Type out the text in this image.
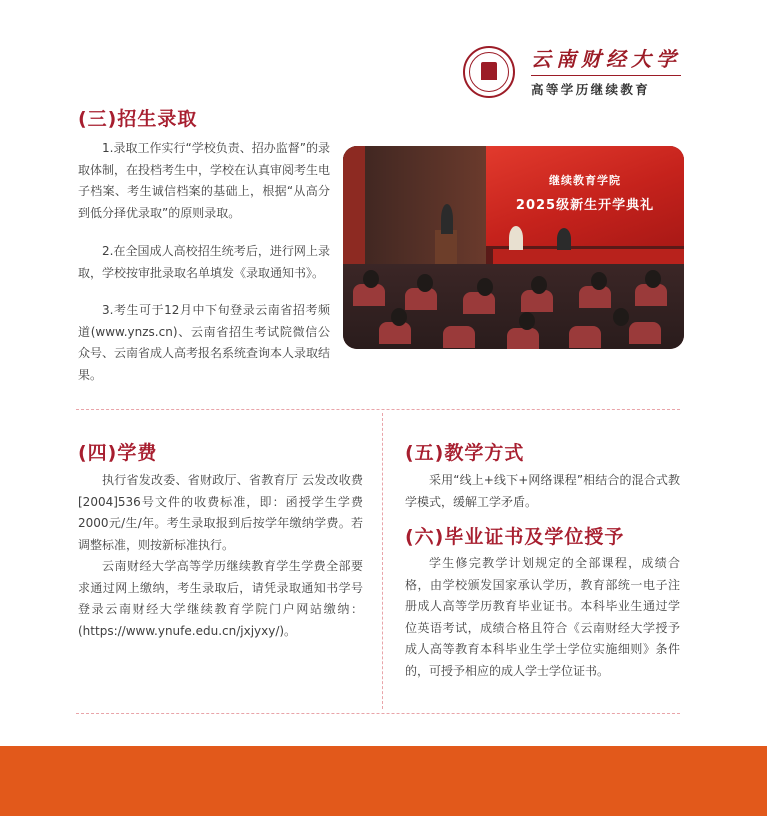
云南财经大学
高等学历继续教育
(三)招生录取
1.录取工作实行“学校负责、招办监督”的录取体制，在投档考生中，学校在认真审阅考生电子档案、考生诚信档案的基础上，根据“从高分到低分择优录取”的原则录取。
2.在全国成人高校招生统考后，进行网上录取，学校按审批录取名单填发《录取通知书》。
3.考生可于12月中下旬登录云南省招考频道(www.ynzs.cn)、云南省招生考试院微信公众号、云南省成人高考报名系统查询本人录取结果。
继续教育学院
2025级新生开学典礼
(四)学费
执行省发改委、省财政厅、省教育厅 云发改收费[2004]536号文件的收费标准，即：函授学生学费2000元/生/年。考生录取报到后按学年缴纳学费。若调整标准，则按新标准执行。
云南财经大学高等学历继续教育学生学费全部要求通过网上缴纳，考生录取后，请凭录取通知书学号登录云南财经大学继续教育学院门户网站缴纳：(https://www.ynufe.edu.cn/jxjyxy/)。
(五)教学方式
采用“线上+线下+网络课程”相结合的混合式教学模式，缓解工学矛盾。
(六)毕业证书及学位授予
学生修完教学计划规定的全部课程，成绩合格，由学校颁发国家承认学历，教育部统一电子注册成人高等学历教育毕业证书。本科毕业生通过学位英语考试，成绩合格且符合《云南财经大学授予成人高等教育本科毕业生学士学位实施细则》条件的，可授予相应的成人学士学位证书。
